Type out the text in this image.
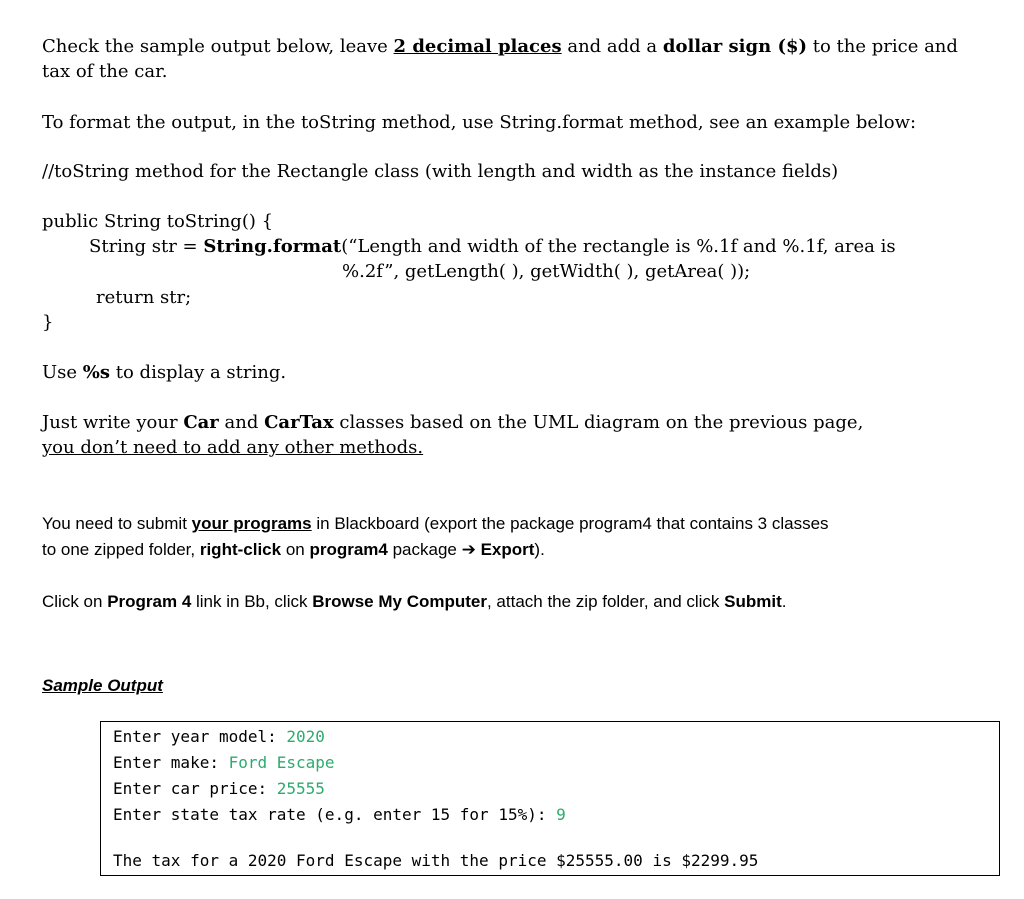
Check the sample output below, leave 2 decimal places and add a dollar sign ($) to the price and
tax of the car.
To format the output, in the toString method, use String.format method, see an example below:
//toString method for the Rectangle class (with length and width as the instance fields)
public String toString() {
String str = String.format(“Length and width of the rectangle is %.1f and %.1f, area is
%.2f”, getLength( ), getWidth( ), getArea( ));
return str;
}
Use %s to display a string.
Just write your Car and CarTax classes based on the UML diagram on the previous page,
you don’t need to add any other methods.
You need to submit your programs in Blackboard (export the package program4 that contains 3 classes
to one zipped folder, right-click on program4 package ➔ Export).
Click on Program 4 link in Bb, click Browse My Computer, attach the zip folder, and click Submit.
Sample Output
Enter year model: 2020
Enter make: Ford Escape
Enter car price: 25555
Enter state tax rate (e.g. enter 15 for 15%): 9
The tax for a 2020 Ford Escape with the price $25555.00 is $2299.95
